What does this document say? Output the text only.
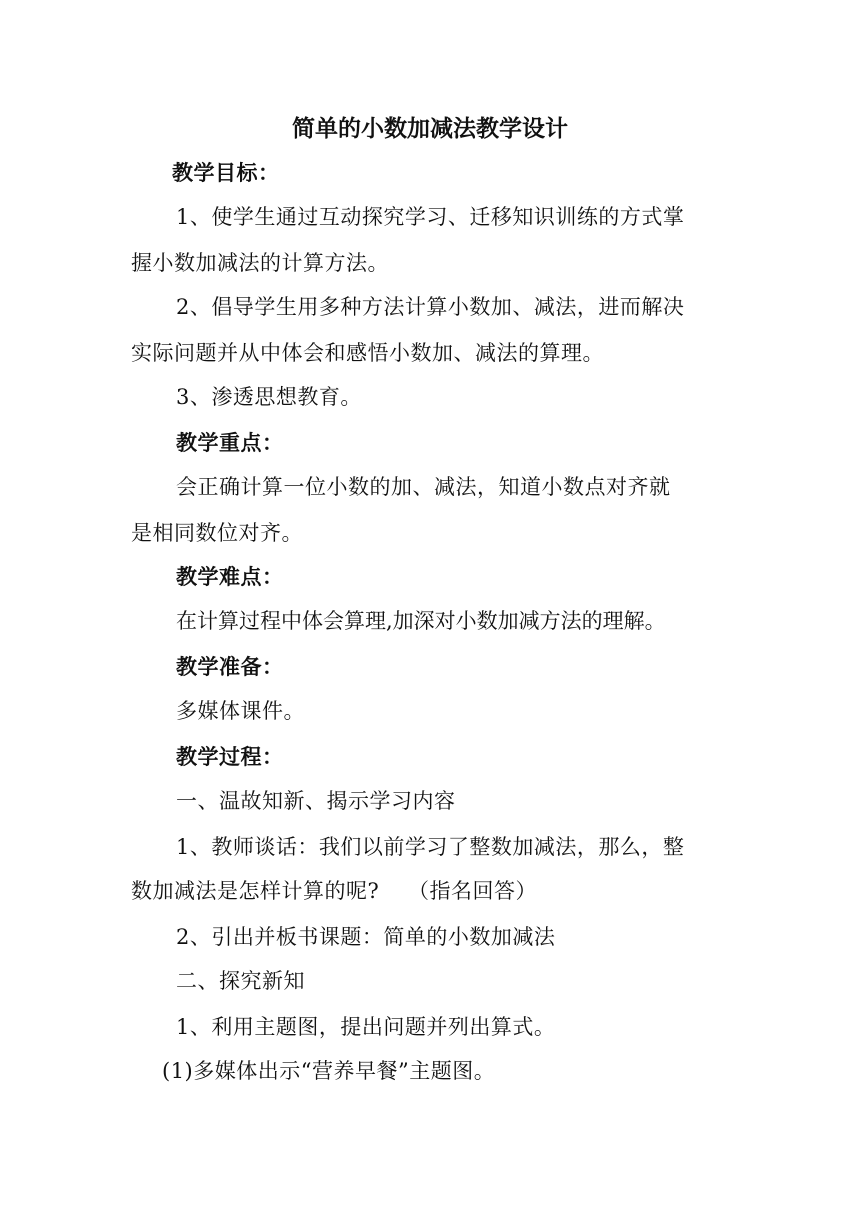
简单的小数加减法教学设计
教学目标：
1、使学生通过互动探究学习、迁移知识训练的方式掌
握小数加减法的计算方法。
2、倡导学生用多种方法计算小数加、减法，进而解决
实际问题并从中体会和感悟小数加、减法的算理。
3、渗透思想教育。
教学重点：
会正确计算一位小数的加、减法，知道小数点对齐就
是相同数位对齐。
教学难点：
在计算过程中体会算理,加深对小数加减方法的理解。
教学准备：
多媒体课件。
教学过程：
一、温故知新、揭示学习内容
1、教师谈话：我们以前学习了整数加减法，那么，整
数加减法是怎样计算的呢?    （指名回答）
2、引出并板书课题：简单的小数加减法
二、探究新知
1、利用主题图，提出问题并列出算式。
(1)多媒体出示“营养早餐”主题图。
